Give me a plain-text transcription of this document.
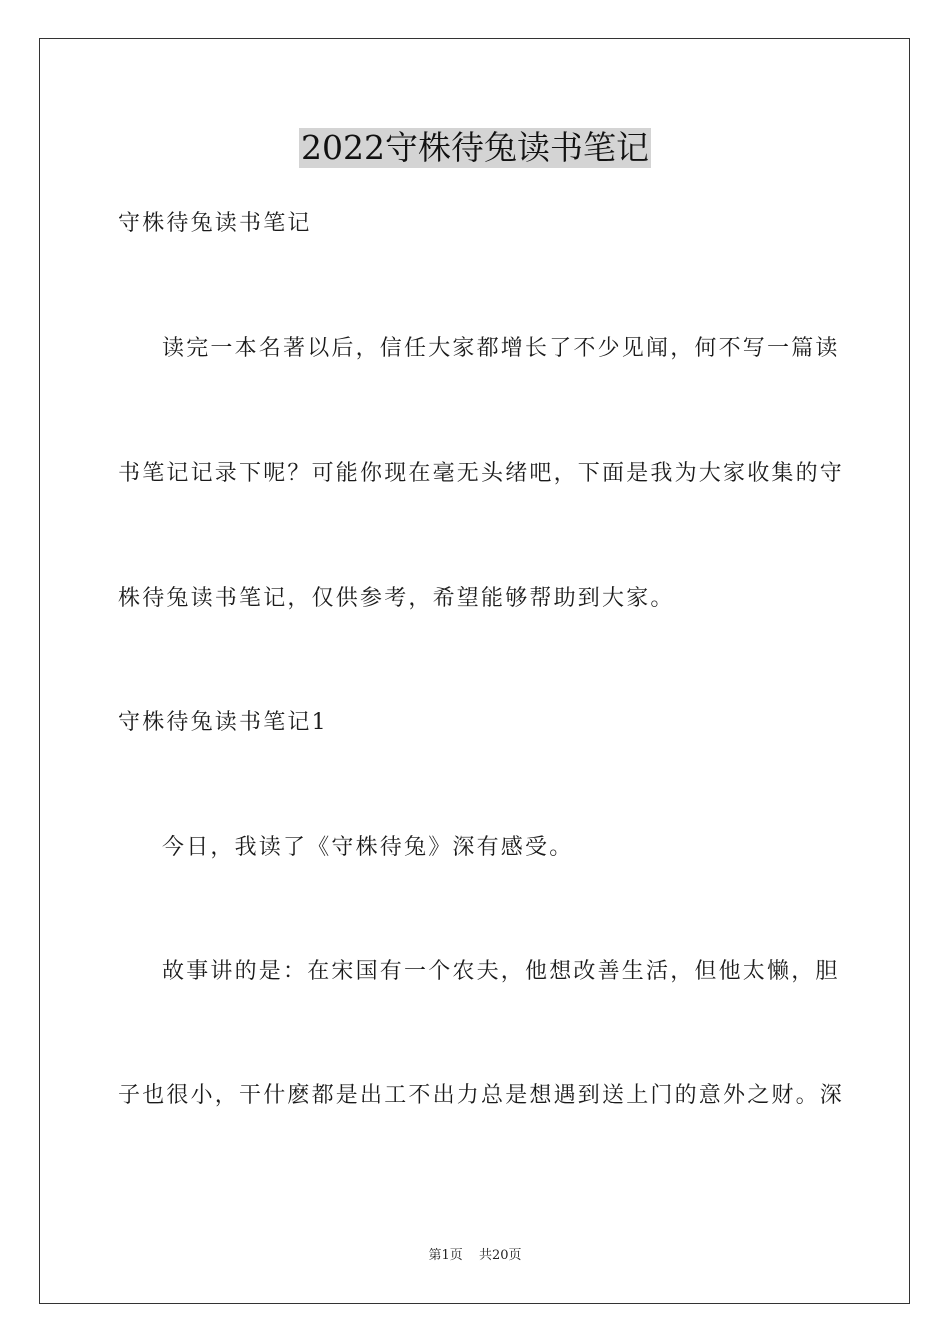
2022守株待兔读书笔记
守株待兔读书笔记
读完一本名著以后，信任大家都增长了不少见闻，何不写一篇读
书笔记记录下呢？可能你现在毫无头绪吧，下面是我为大家收集的守
株待兔读书笔记，仅供参考，希望能够帮助到大家。
守株待兔读书笔记1
今日，我读了《守株待兔》深有感受。
故事讲的是：在宋国有一个农夫，他想改善生活，但他太懒，胆
子也很小，干什麽都是出工不出力总是想遇到送上门的意外之财。深
第1页 共20页
